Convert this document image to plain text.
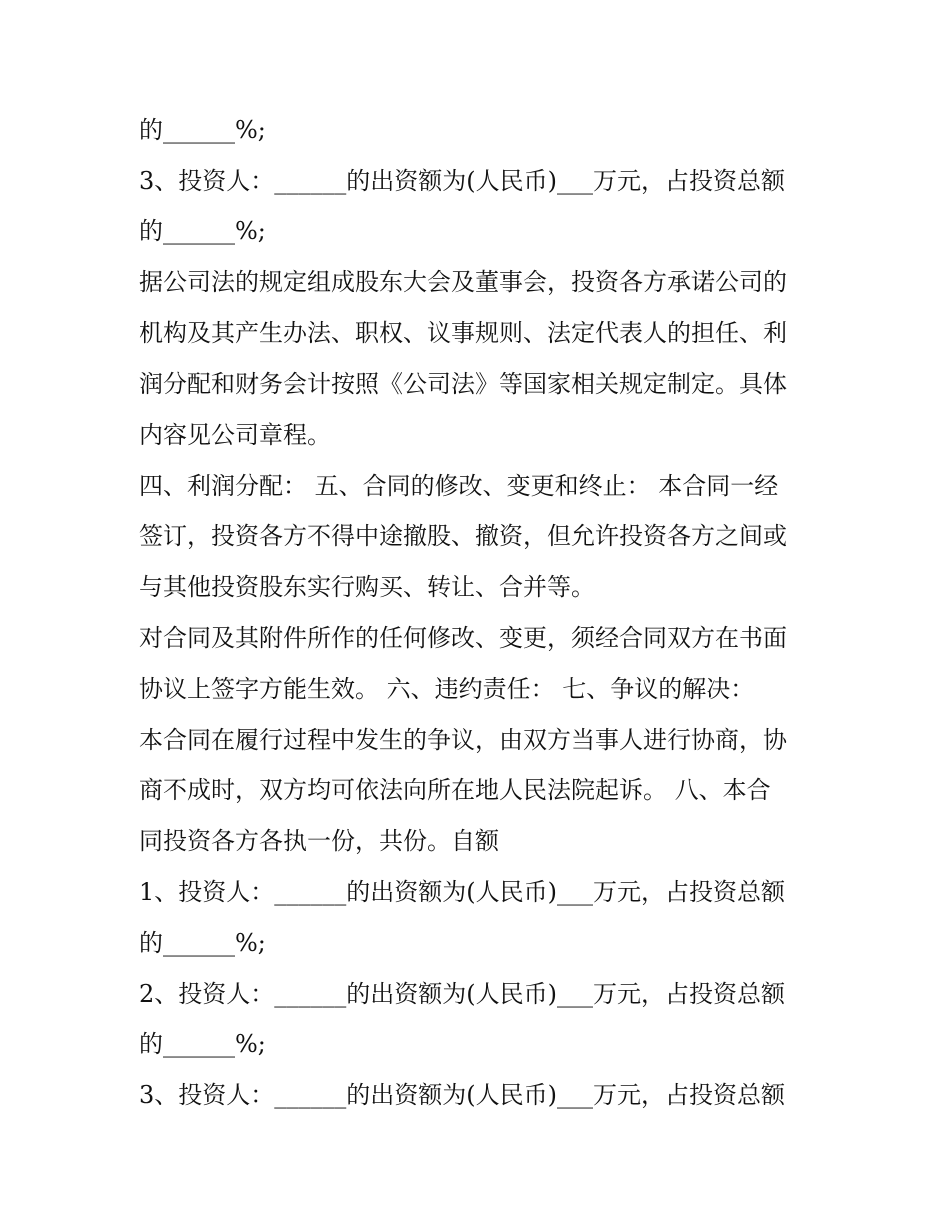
的______%;
3、投资人：______的出资额为(人民币)___万元，占投资总额
的______%;
据公司法的规定组成股东大会及董事会，投资各方承诺公司的
机构及其产生办法、职权、议事规则、法定代表人的担任、利
润分配和财务会计按照《公司法》等国家相关规定制定。具体
内容见公司章程。
四、利润分配： 五、合同的修改、变更和终止： 本合同一经
签订，投资各方不得中途撤股、撤资，但允许投资各方之间或
与其他投资股东实行购买、转让、合并等。
对合同及其附件所作的任何修改、变更，须经合同双方在书面
协议上签字方能生效。 六、违约责任： 七、争议的解决：
本合同在履行过程中发生的争议，由双方当事人进行协商，协
商不成时，双方均可依法向所在地人民法院起诉。 八、本合
同投资各方各执一份，共份。自额
1、投资人：______的出资额为(人民币)___万元，占投资总额
的______%;
2、投资人：______的出资额为(人民币)___万元，占投资总额
的______%;
3、投资人：______的出资额为(人民币)___万元，占投资总额
